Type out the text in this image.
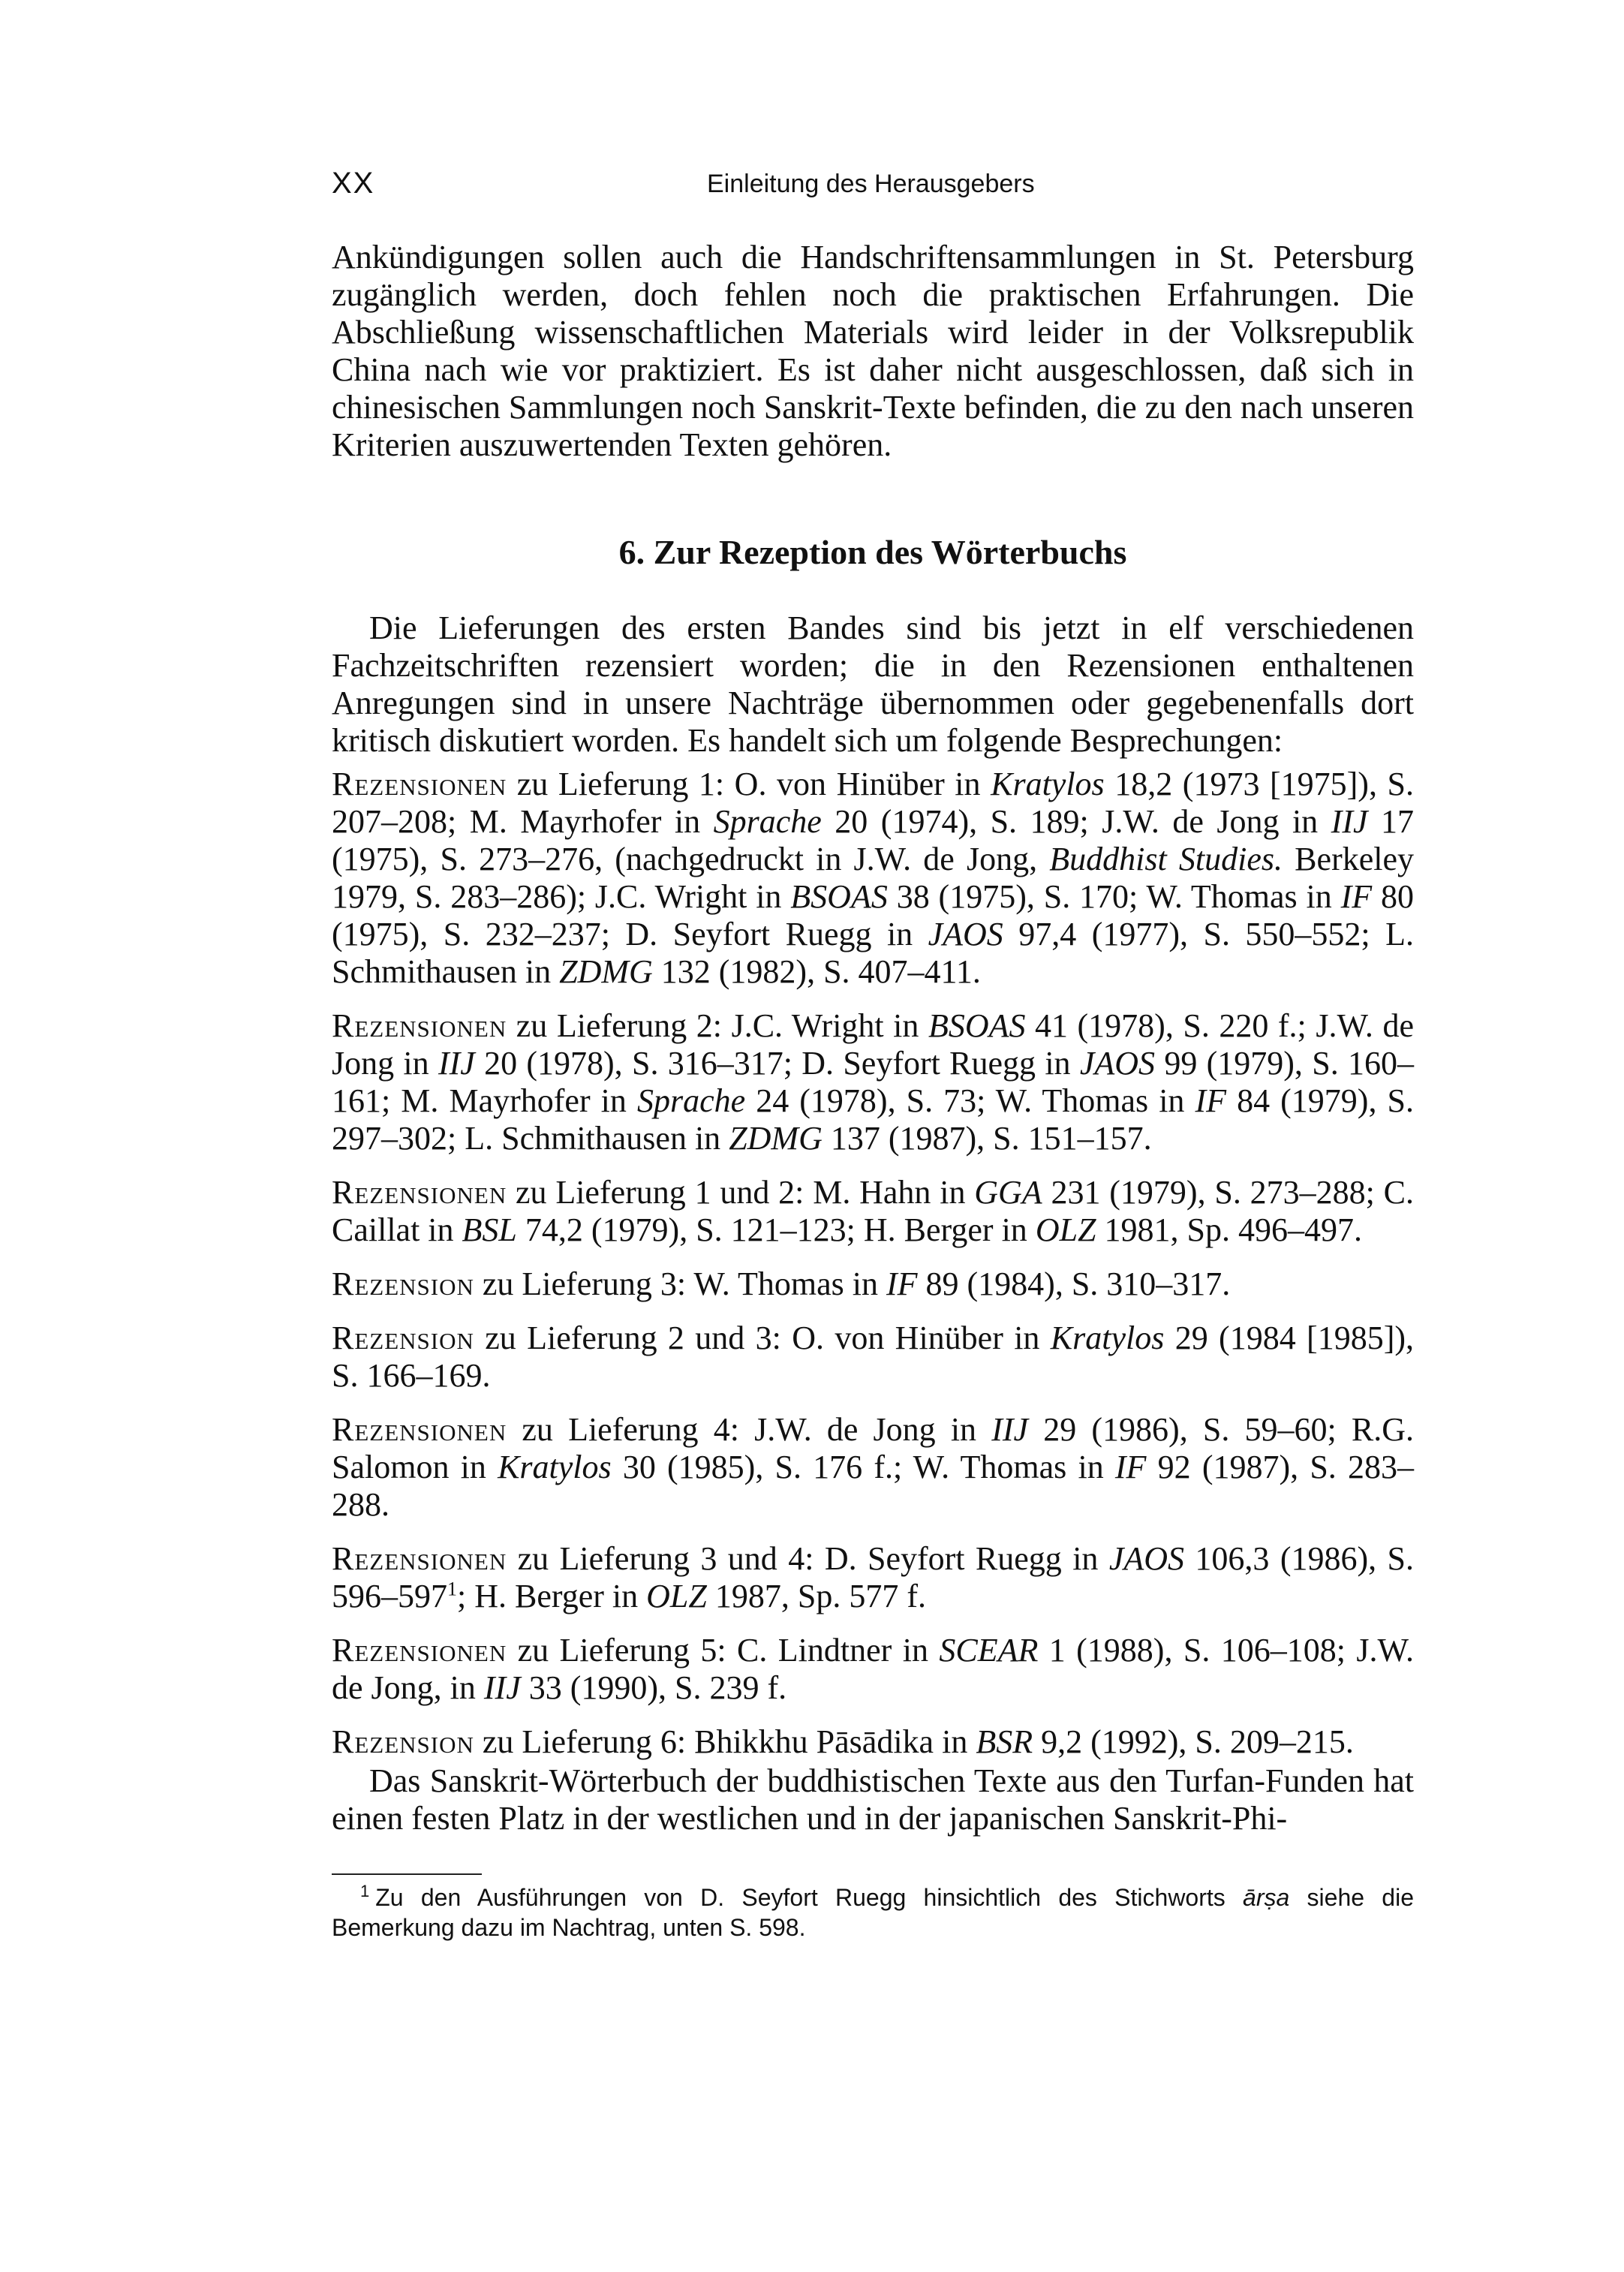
XX	Einleitung des Herausgebers

Ankündigungen sollen auch die Handschriftensammlungen in St. Petersburg zugänglich werden, doch fehlen noch die praktischen Erfahrungen. Die Abschließung wissenschaftlichen Materials wird leider in der Volksrepublik China nach wie vor praktiziert. Es ist daher nicht ausgeschlossen, daß sich in chinesischen Sammlungen noch Sanskrit-Texte befinden, die zu den nach unseren Kriterien auszuwertenden Texten gehören.

6. Zur Rezeption des Wörterbuchs

Die Lieferungen des ersten Bandes sind bis jetzt in elf verschiedenen Fachzeitschriften rezensiert worden; die in den Rezensionen enthaltenen Anregungen sind in unsere Nachträge übernommen oder gegebenenfalls dort kritisch diskutiert worden. Es handelt sich um folgende Besprechungen:

Rezensionen zu Lieferung 1: O. von Hinüber in Kratylos 18,2 (1973 [1975]), S. 207–208; M. Mayrhofer in Sprache 20 (1974), S. 189; J.W. de Jong in IIJ 17 (1975), S. 273–276, (nachgedruckt in J.W. de Jong, Buddhist Studies. Berkeley 1979, S. 283–286); J.C. Wright in BSOAS 38 (1975), S. 170; W. Thomas in IF 80 (1975), S. 232–237; D. Seyfort Ruegg in JAOS 97,4 (1977), S. 550–552; L. Schmithausen in ZDMG 132 (1982), S. 407–411.

Rezensionen zu Lieferung 2: J.C. Wright in BSOAS 41 (1978), S. 220 f.; J.W. de Jong in IIJ 20 (1978), S. 316–317; D. Seyfort Ruegg in JAOS 99 (1979), S. 160–161; M. Mayrhofer in Sprache 24 (1978), S. 73; W. Thomas in IF 84 (1979), S. 297–302; L. Schmithausen in ZDMG 137 (1987), S. 151–157.

Rezensionen zu Lieferung 1 und 2: M. Hahn in GGA 231 (1979), S. 273–288; C. Caillat in BSL 74,2 (1979), S. 121–123; H. Berger in OLZ 1981, Sp. 496–497.

Rezension zu Lieferung 3: W. Thomas in IF 89 (1984), S. 310–317.

Rezension zu Lieferung 2 und 3: O. von Hinüber in Kratylos 29 (1984 [1985]), S. 166–169.

Rezensionen zu Lieferung 4: J.W. de Jong in IIJ 29 (1986), S. 59–60; R.G. Salomon in Kratylos 30 (1985), S. 176 f.; W. Thomas in IF 92 (1987), S. 283–288.

Rezensionen zu Lieferung 3 und 4: D. Seyfort Ruegg in JAOS 106,3 (1986), S. $596-597^1$; H. Berger in OLZ 1987, Sp. 577 f.

Rezensionen zu Lieferung 5: C. Lindtner in SCEAR 1 (1988), S. 106–108; J.W. de Jong, in IIJ 33 (1990), S. 239 f.

Rezension zu Lieferung 6: Bhikkhu Pāsādika in BSR 9,2 (1992), S. 209–215.

Das Sanskrit-Wörterbuch der buddhistischen Texte aus den Turfan-Funden hat einen festen Platz in der westlichen und in der japanischen Sanskrit-Phi-

$^1$ Zu den Ausführungen von D. Seyfort Ruegg hinsichtlich des Stichworts ārṣa siehe die Bemerkung dazu im Nachtrag, unten S. 598.
